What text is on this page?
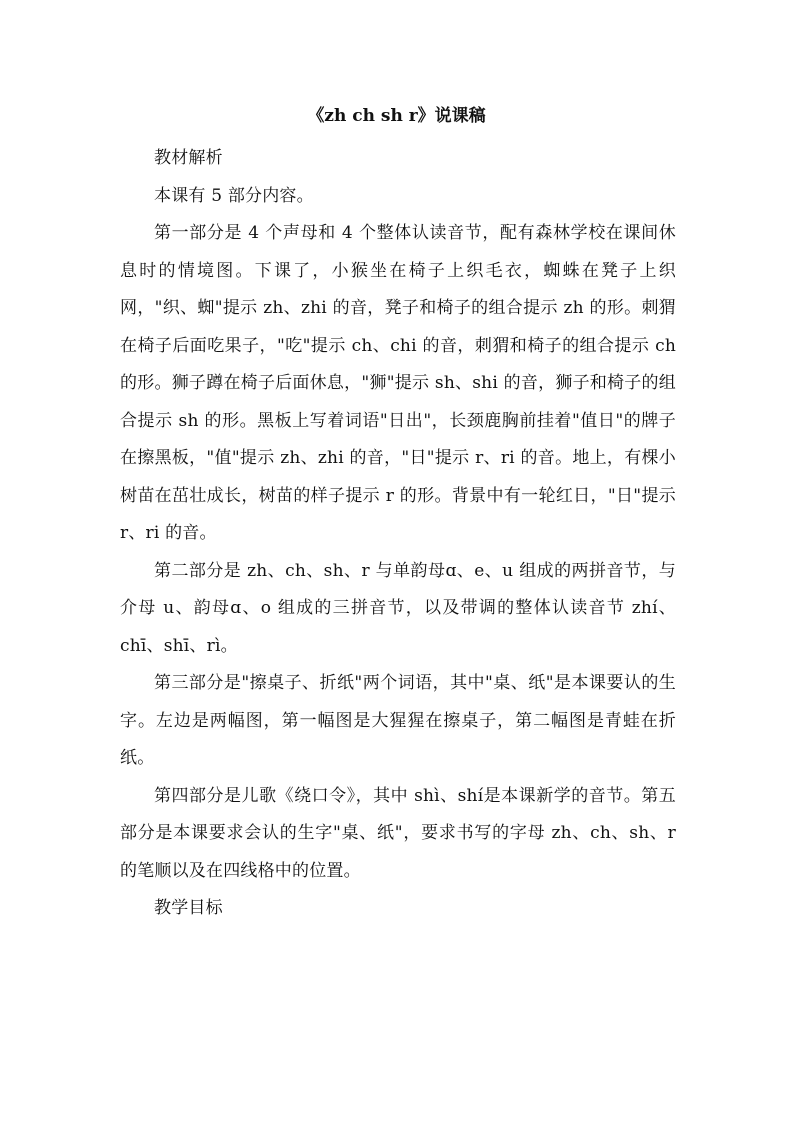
《zh ch sh r》说课稿

教材解析

本课有 5 部分内容。

第一部分是 4 个声母和 4 个整体认读音节，配有森林学校在课间休息时的情境图。下课了，小猴坐在椅子上织毛衣，蜘蛛在凳子上织网，"织、蜘"提示 zh、zhi 的音，凳子和椅子的组合提示 zh 的形。刺猬在椅子后面吃果子，"吃"提示 ch、chi 的音，刺猬和椅子的组合提示 ch 的形。狮子蹲在椅子后面休息，"狮"提示 sh、shi 的音，狮子和椅子的组合提示 sh 的形。黑板上写着词语"日出"，长颈鹿胸前挂着"值日"的牌子在擦黑板，"值"提示 zh、zhi 的音，"日"提示 r、ri 的音。地上，有棵小树苗在茁壮成长，树苗的样子提示 r 的形。背景中有一轮红日，"日"提示 r、ri 的音。

第二部分是 zh、ch、sh、r 与单韵母ɑ、e、u 组成的两拼音节，与介母 u、韵母ɑ、o 组成的三拼音节，以及带调的整体认读音节 zhí、chī、shī、rì。

第三部分是"擦桌子、折纸"两个词语，其中"桌、纸"是本课要认的生字。左边是两幅图，第一幅图是大猩猩在擦桌子，第二幅图是青蛙在折纸。

第四部分是儿歌《绕口令》，其中 shì、shí是本课新学的音节。第五部分是本课要求会认的生字"桌、纸"，要求书写的字母 zh、ch、sh、r 的笔顺以及在四线格中的位置。

教学目标
